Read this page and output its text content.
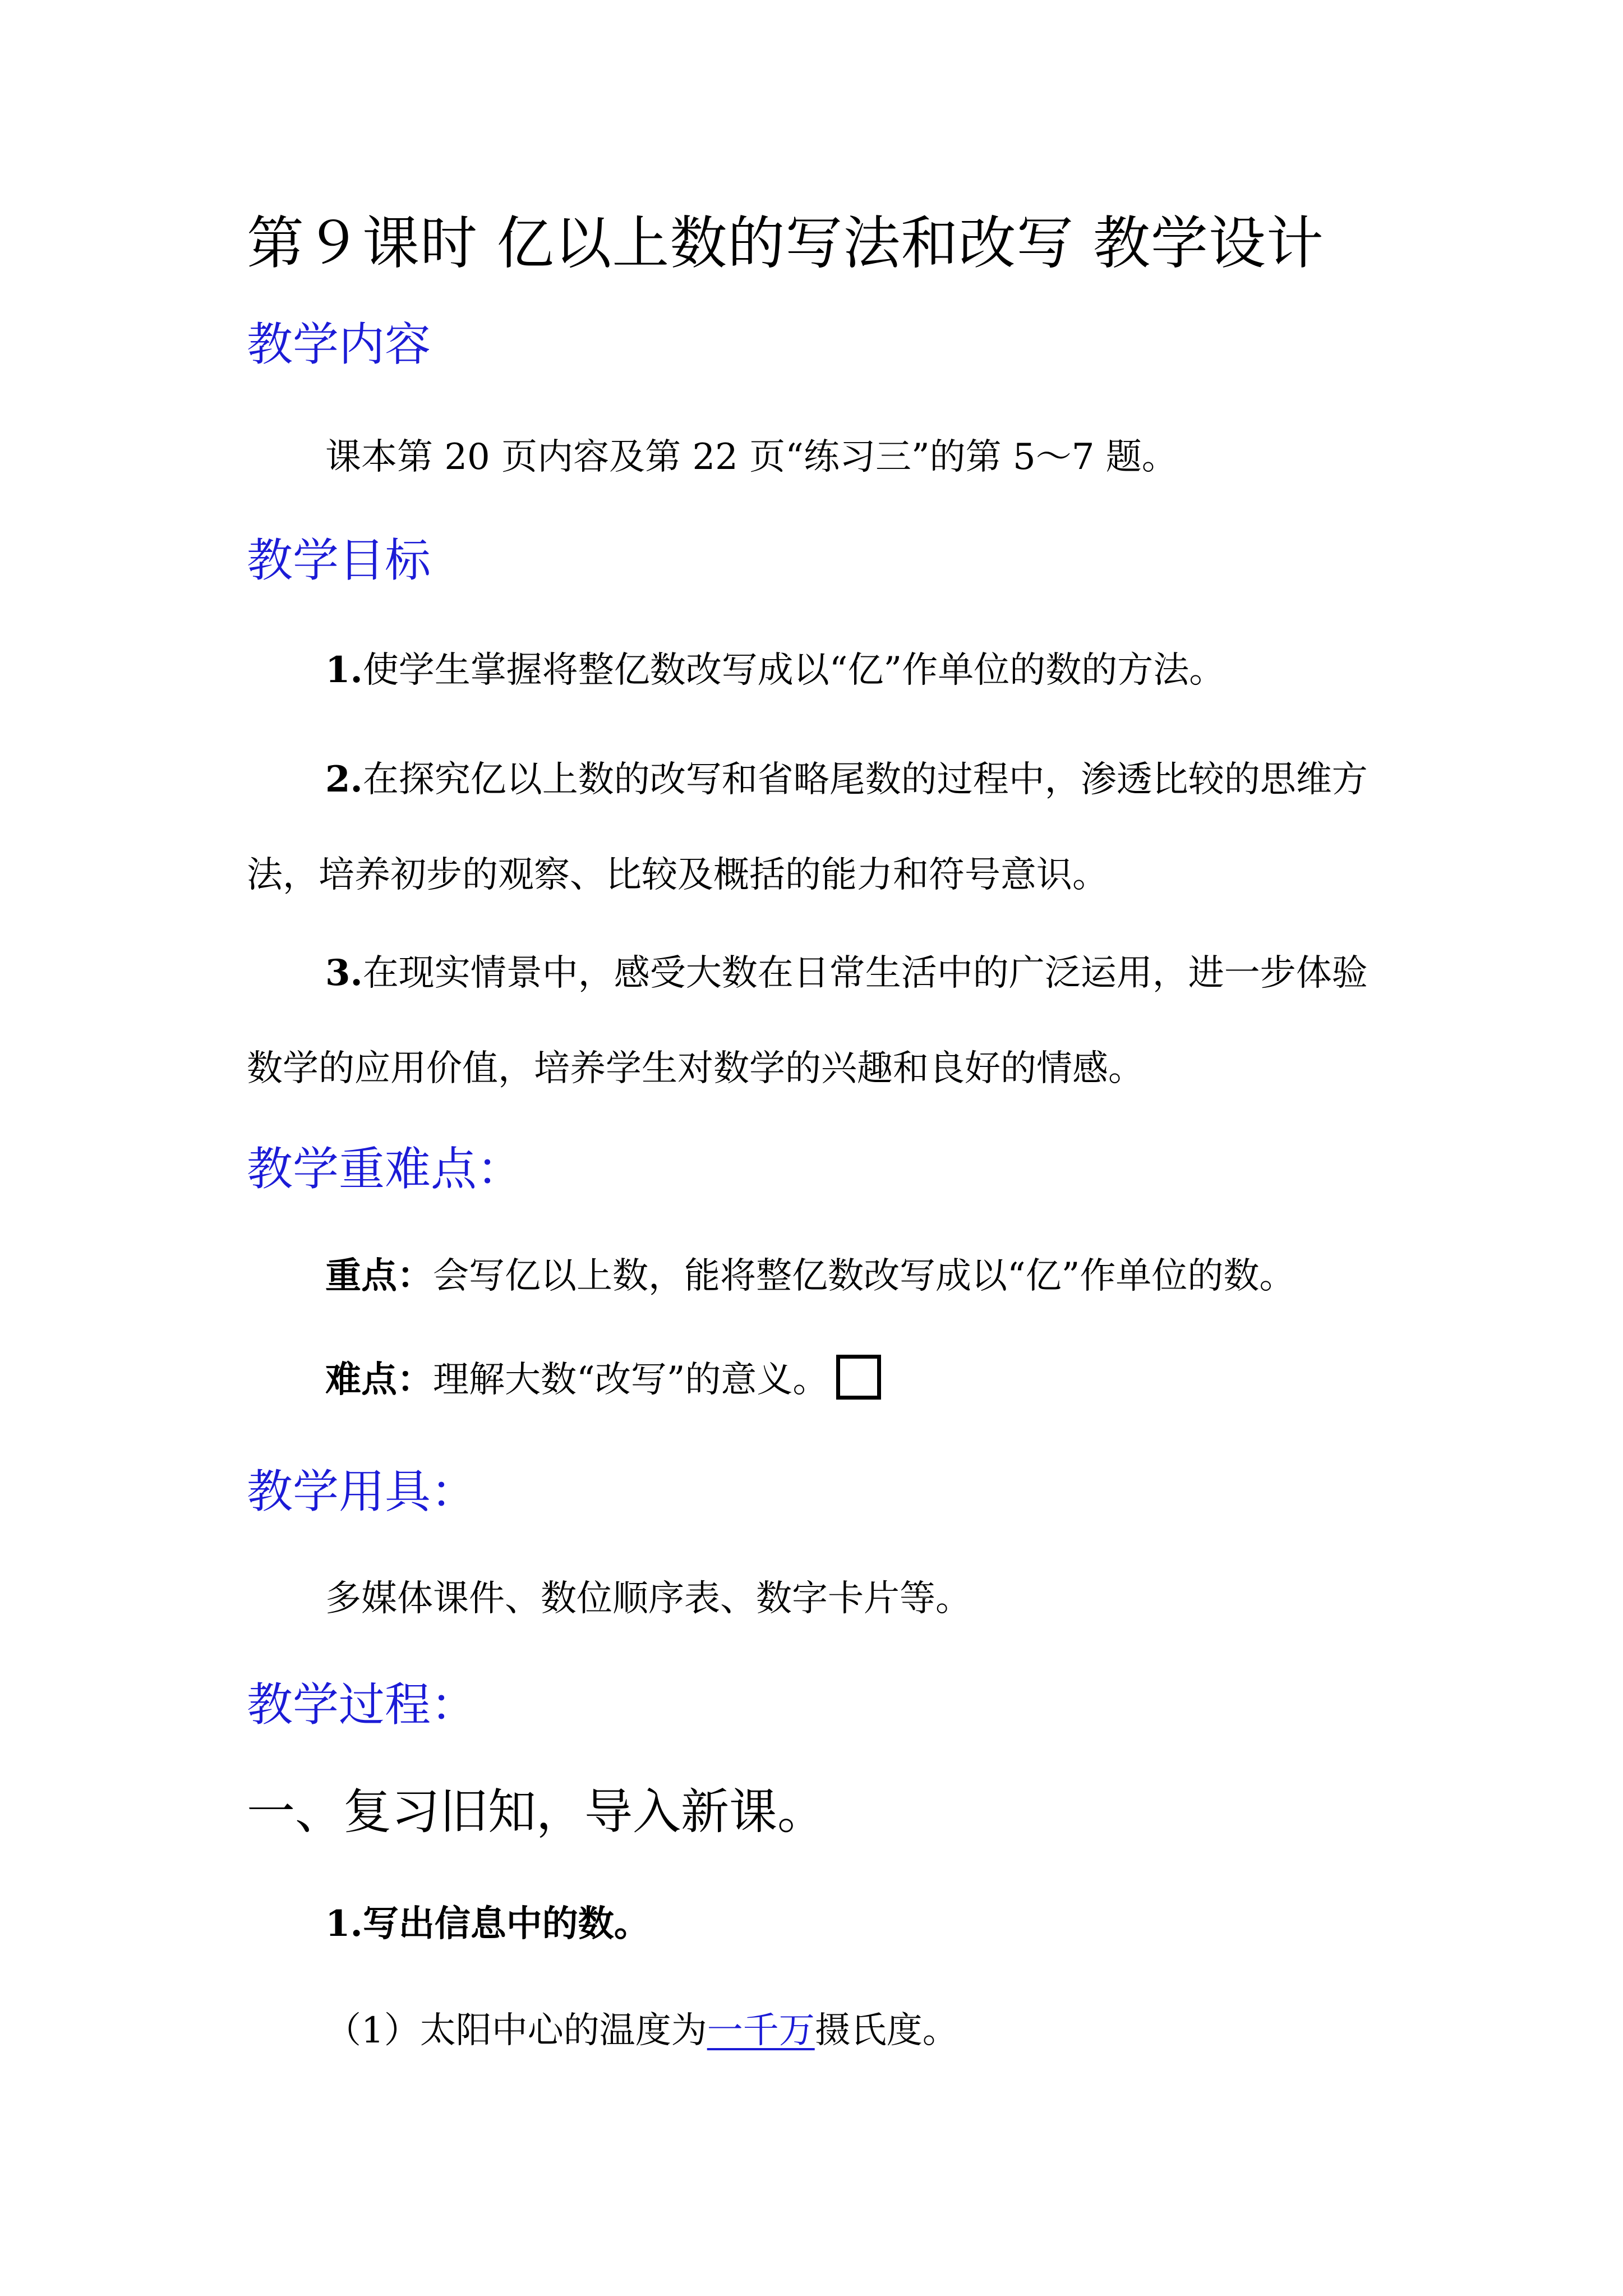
第９课时 亿以上数的写法和改写 教学设计
教学内容
课本第 20 页内容及第 22 页“练习三”的第 5～7 题。
教学目标
1.使学生掌握将整亿数改写成以“亿”作单位的数的方法。
2.在探究亿以上数的改写和省略尾数的过程中，渗透比较的思维方法，培养初步的观察、比较及概括的能力和符号意识。
3.在现实情景中，感受大数在日常生活中的广泛运用，进一步体验数学的应用价值，培养学生对数学的兴趣和良好的情感。
教学重难点：
重点：会写亿以上数，能将整亿数改写成以“亿”作单位的数。
难点：理解大数“改写”的意义。
教学用具：
多媒体课件、数位顺序表、数字卡片等。
教学过程：
一、复习旧知，导入新课。
1.写出信息中的数。
（1）太阳中心的温度为一千万摄氏度。
